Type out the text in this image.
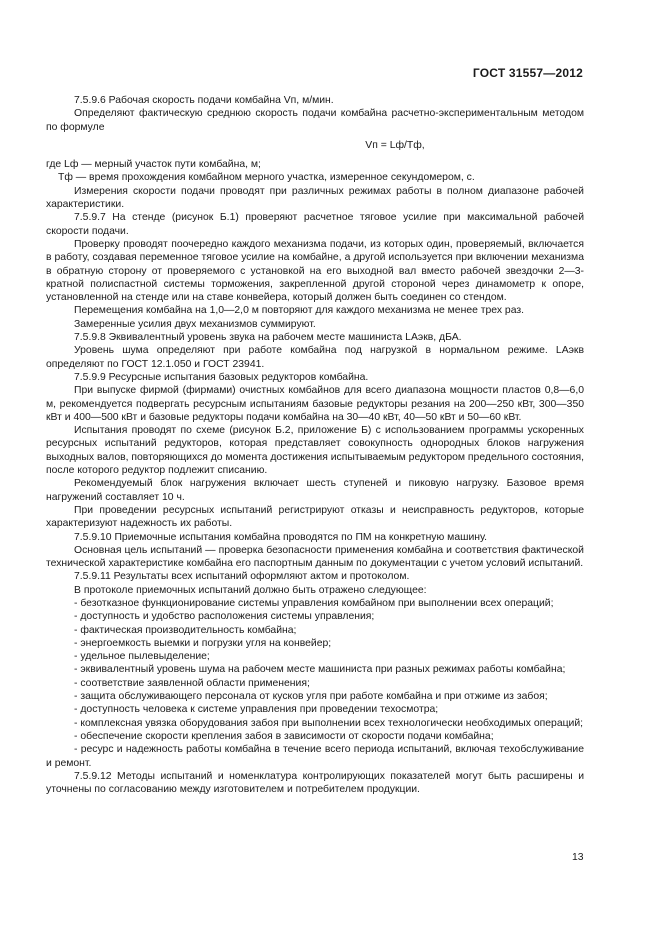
ГОСТ 31557—2012

7.5.9.6 Рабочая скорость подачи комбайна Vп, м/мин.

Определяют фактическую среднюю скорость подачи комбайна расчетно-экспериментальным методом по формуле

Vп = Lф/Tф,

где Lф — мерный участок пути комбайна, м;

Tф — время прохождения комбайном мерного участка, измеренное секундомером, с.

Измерения скорости подачи проводят при различных режимах работы в полном диапазоне рабочей характеристики.

7.5.9.7 На стенде (рисунок Б.1) проверяют расчетное тяговое усилие при максимальной рабочей скорости подачи.

Проверку проводят поочередно каждого механизма подачи, из которых один, проверяемый, включается в работу, создавая переменное тяговое усилие на комбайне, а другой используется при включении механизма в обратную сторону от проверяемого с установкой на его выходной вал вместо рабочей звездочки 2—3-кратной полиспастной системы торможения, закрепленной другой стороной через динамометр к опоре, установленной на стенде или на ставе конвейера, который должен быть соединен со стендом.

Перемещения комбайна на 1,0—2,0 м повторяют для каждого механизма не менее трех раз.

Замеренные усилия двух механизмов суммируют.

7.5.9.8 Эквивалентный уровень звука на рабочем месте машиниста LAэкв, дБА.

Уровень шума определяют при работе комбайна под нагрузкой в нормальном режиме. LAэкв определяют по ГОСТ 12.1.050 и ГОСТ 23941.

7.5.9.9 Ресурсные испытания базовых редукторов комбайна.

При выпуске фирмой (фирмами) очистных комбайнов для всего диапазона мощности пластов 0,8—6,0 м, рекомендуется подвергать ресурсным испытаниям базовые редукторы резания на 200—250 кВт, 300—350 кВт и 400—500 кВт и базовые редукторы подачи комбайна на 30—40 кВт, 40—50 кВт и 50—60 кВт.

Испытания проводят по схеме (рисунок Б.2, приложение Б) с использованием программы ускоренных ресурсных испытаний редукторов, которая представляет совокупность однородных блоков нагружения выходных валов, повторяющихся до момента достижения испытываемым редуктором предельного состояния, после которого редуктор подлежит списанию.

Рекомендуемый блок нагружения включает шесть ступеней и пиковую нагрузку. Базовое время нагружений составляет 10 ч.

При проведении ресурсных испытаний регистрируют отказы и неисправность редукторов, которые характеризуют надежность их работы.

7.5.9.10 Приемочные испытания комбайна проводятся по ПМ на конкретную машину.

Основная цель испытаний — проверка безопасности применения комбайна и соответствия фактической технической характеристике комбайна его паспортным данным по документации с учетом условий испытаний.

7.5.9.11 Результаты всех испытаний оформляют актом и протоколом.

В протоколе приемочных испытаний должно быть отражено следующее:

- безотказное функционирование системы управления комбайном при выполнении всех операций;

- доступность и удобство расположения системы управления;

- фактическая производительность комбайна;

- энергоемкость выемки и погрузки угля на конвейер;

- удельное пылевыделение;

- эквивалентный уровень шума на рабочем месте машиниста при разных режимах работы комбайна;

- соответствие заявленной области применения;

- защита обслуживающего персонала от кусков угля при работе комбайна и при отжиме из забоя;

- доступность человека к системе управления при проведении техосмотра;

- комплексная увязка оборудования забоя при выполнении всех технологически необходимых операций;

- обеспечение скорости крепления забоя в зависимости от скорости подачи комбайна;

- ресурс и надежность работы комбайна в течение всего периода испытаний, включая техобслуживание и ремонт.

7.5.9.12 Методы испытаний и номенклатура контролирующих показателей могут быть расширены и уточнены по согласованию между изготовителем и потребителем продукции.

13
